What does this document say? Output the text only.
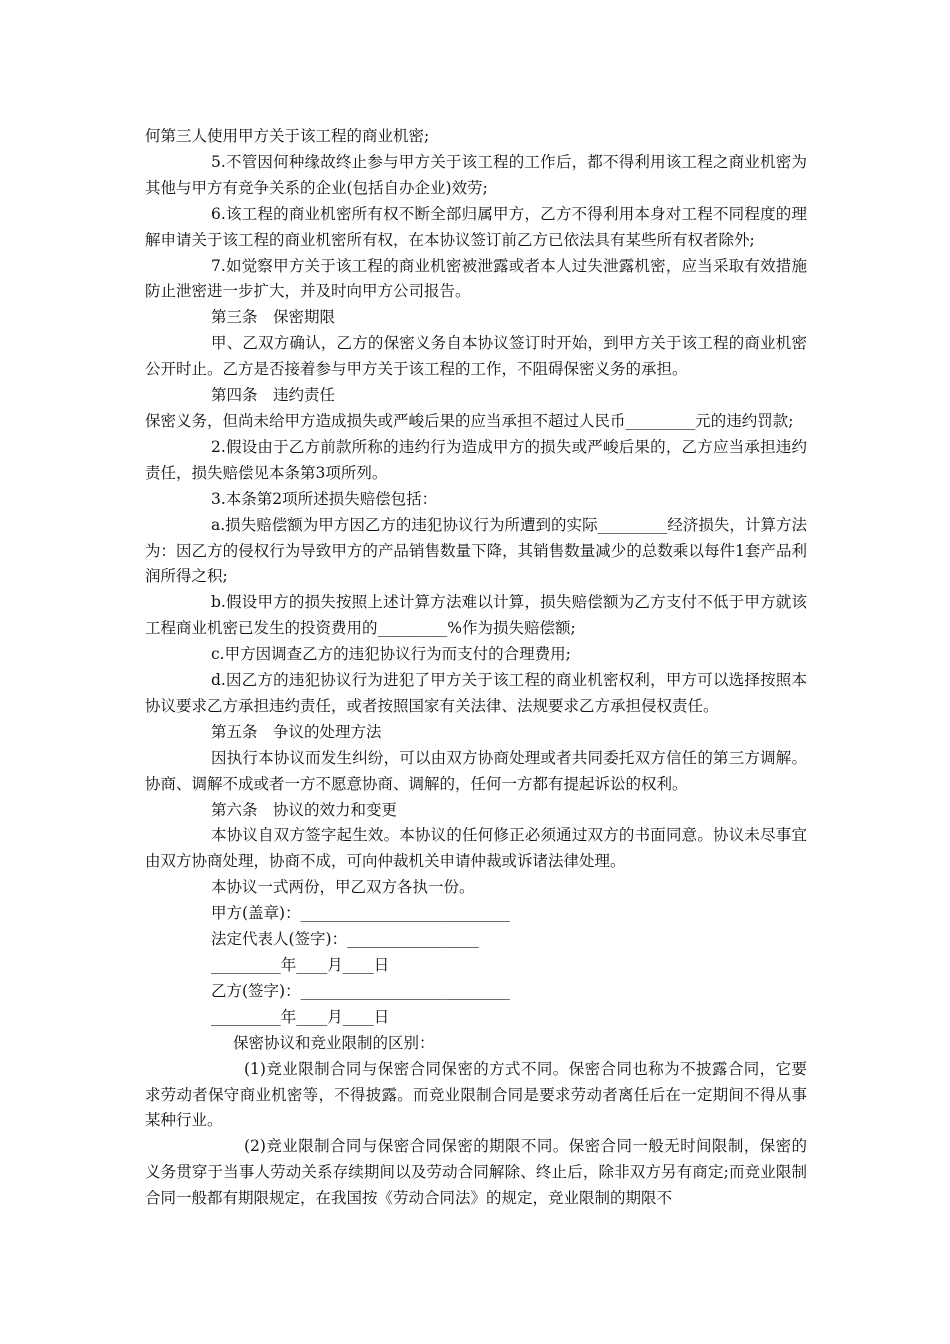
何第三人使用甲方关于该工程的商业机密;

5.不管因何种缘故终止参与甲方关于该工程的工作后，都不得利用该工程之商业机密为其他与甲方有竞争关系的企业(包括自办企业)效劳;

6.该工程的商业机密所有权不断全部归属甲方，乙方不得利用本身对工程不同程度的理解申请关于该工程的商业机密所有权，在本协议签订前乙方已依法具有某些所有权者除外;

7.如觉察甲方关于该工程的商业机密被泄露或者本人过失泄露机密，应当采取有效措施防止泄密进一步扩大，并及时向甲方公司报告。

第三条　保密期限

甲、乙双方确认，乙方的保密义务自本协议签订时开始，到甲方关于该工程的商业机密公开时止。乙方是否接着参与甲方关于该工程的工作，不阻碍保密义务的承担。

第四条　违约责任

保密义务，但尚未给甲方造成损失或严峻后果的应当承担不超过人民币_________元的违约罚款;

2.假设由于乙方前款所称的违约行为造成甲方的损失或严峻后果的，乙方应当承担违约责任，损失赔偿见本条第3项所列。

3.本条第2项所述损失赔偿包括：

a.损失赔偿额为甲方因乙方的违犯协议行为所遭到的实际_________经济损失，计算方法为：因乙方的侵权行为导致甲方的产品销售数量下降，其销售数量减少的总数乘以每件1套产品利润所得之积;

b.假设甲方的损失按照上述计算方法难以计算，损失赔偿额为乙方支付不低于甲方就该工程商业机密已发生的投资费用的_________%作为损失赔偿额;

c.甲方因调查乙方的违犯协议行为而支付的合理费用;

d.因乙方的违犯协议行为进犯了甲方关于该工程的商业机密权利，甲方可以选择按照本协议要求乙方承担违约责任，或者按照国家有关法律、法规要求乙方承担侵权责任。

第五条　争议的处理方法

因执行本协议而发生纠纷，可以由双方协商处理或者共同委托双方信任的第三方调解。协商、调解不成或者一方不愿意协商、调解的，任何一方都有提起诉讼的权利。

第六条　协议的效力和变更

本协议自双方签字起生效。本协议的任何修正必须通过双方的书面同意。协议未尽事宜由双方协商处理，协商不成，可向仲裁机关申请仲裁或诉诸法律处理。

本协议一式两份，甲乙双方各执一份。

甲方(盖章)：___________________________

法定代表人(签字)：_________________

_________年____月____日

乙方(签字)：___________________________

_________年____月____日

保密协议和竞业限制的区别：

(1)竞业限制合同与保密合同保密的方式不同。保密合同也称为不披露合同，它要求劳动者保守商业机密等，不得披露。而竞业限制合同是要求劳动者离任后在一定期间不得从事某种行业。

(2)竞业限制合同与保密合同保密的期限不同。保密合同一般无时间限制，保密的义务贯穿于当事人劳动关系存续期间以及劳动合同解除、终止后，除非双方另有商定;而竞业限制合同一般都有期限规定，在我国按《劳动合同法》的规定，竞业限制的期限不
